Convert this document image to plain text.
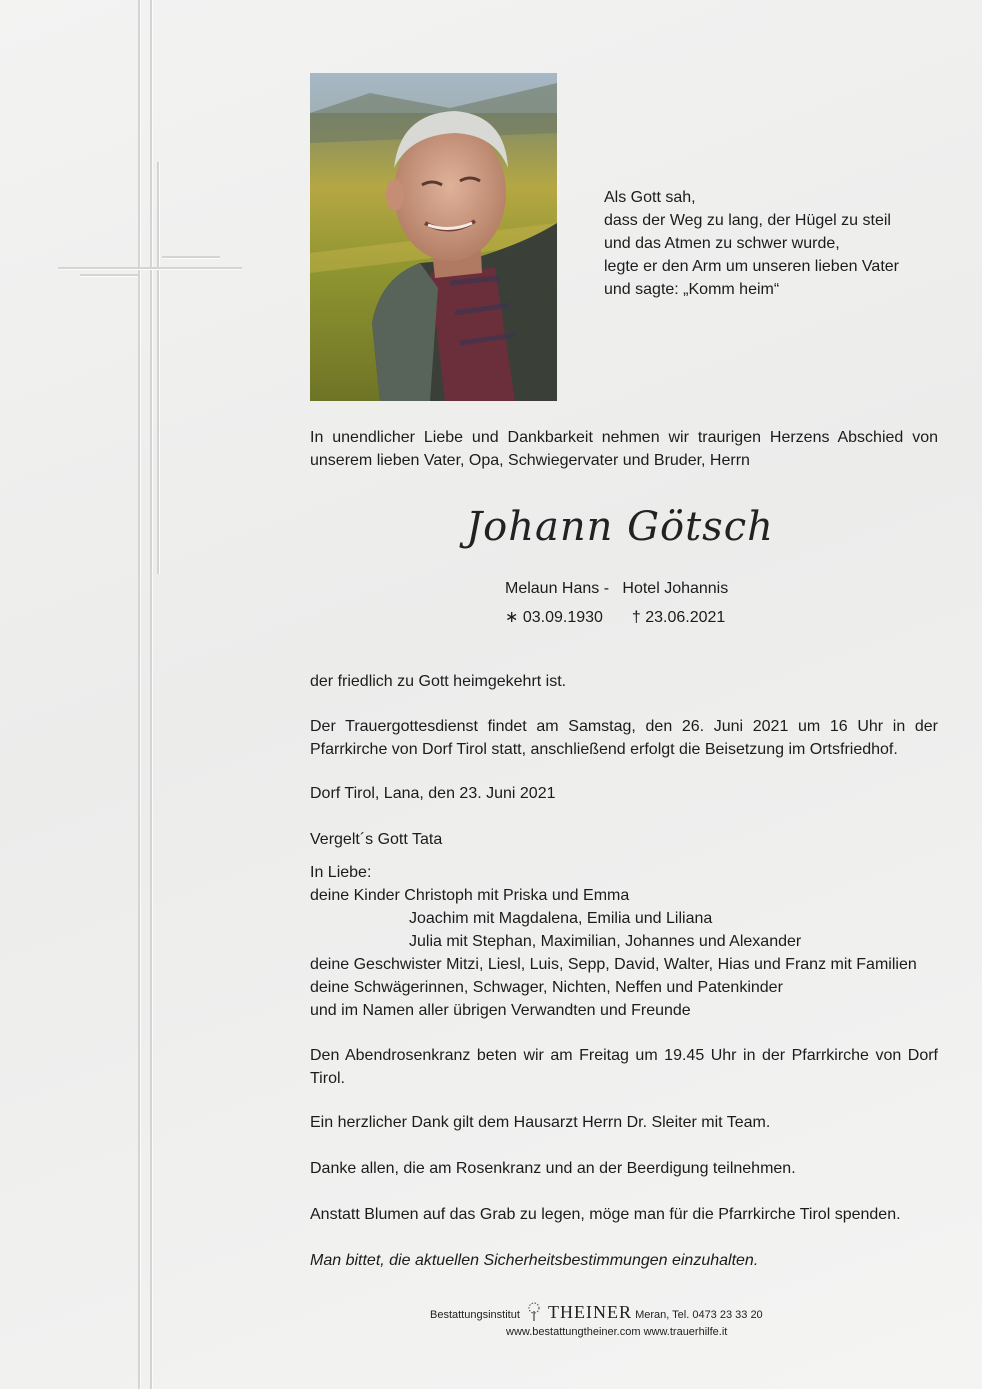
Als Gott sah,
dass der Weg zu lang, der Hügel zu steil
und das Atmen zu schwer wurde,
legte er den Arm um unseren lieben Vater
und sagte: „Komm heim“
In unendlicher Liebe und Dankbarkeit nehmen wir traurigen Herzens Abschied von unserem lieben Vater, Opa, Schwiegervater und Bruder, Herrn
Johann Götsch
Melaun Hans - Hotel Johannis
∗ 03.09.1930 † 23.06.2021
der friedlich zu Gott heimgekehrt ist.
Der Trauergottesdienst findet am Samstag, den 26. Juni 2021 um 16 Uhr in der Pfarrkirche von Dorf Tirol statt, anschließend erfolgt die Beisetzung im Ortsfriedhof.
Dorf Tirol, Lana, den 23. Juni 2021
Vergelt´s Gott Tata
In Liebe:
deine Kinder Christoph mit Priska und Emma
Joachim mit Magdalena, Emilia und Liliana
Julia mit Stephan, Maximilian, Johannes und Alexander
deine Geschwister Mitzi, Liesl, Luis, Sepp, David, Walter, Hias und Franz mit Familien
deine Schwägerinnen, Schwager, Nichten, Neffen und Patenkinder
und im Namen aller übrigen Verwandten und Freunde
Den Abendrosenkranz beten wir am Freitag um 19.45 Uhr in der Pfarrkirche von Dorf Tirol.
Ein herzlicher Dank gilt dem Hausarzt Herrn Dr. Sleiter mit Team.
Danke allen, die am Rosenkranz und an der Beerdigung teilnehmen.
Anstatt Blumen auf das Grab zu legen, möge man für die Pfarrkirche Tirol spenden.
Man bittet, die aktuellen Sicherheitsbestimmungen einzuhalten.
Bestattungsinstitut THEINER Meran, Tel. 0473 23 33 20
www.bestattungtheiner.com www.trauerhilfe.it
